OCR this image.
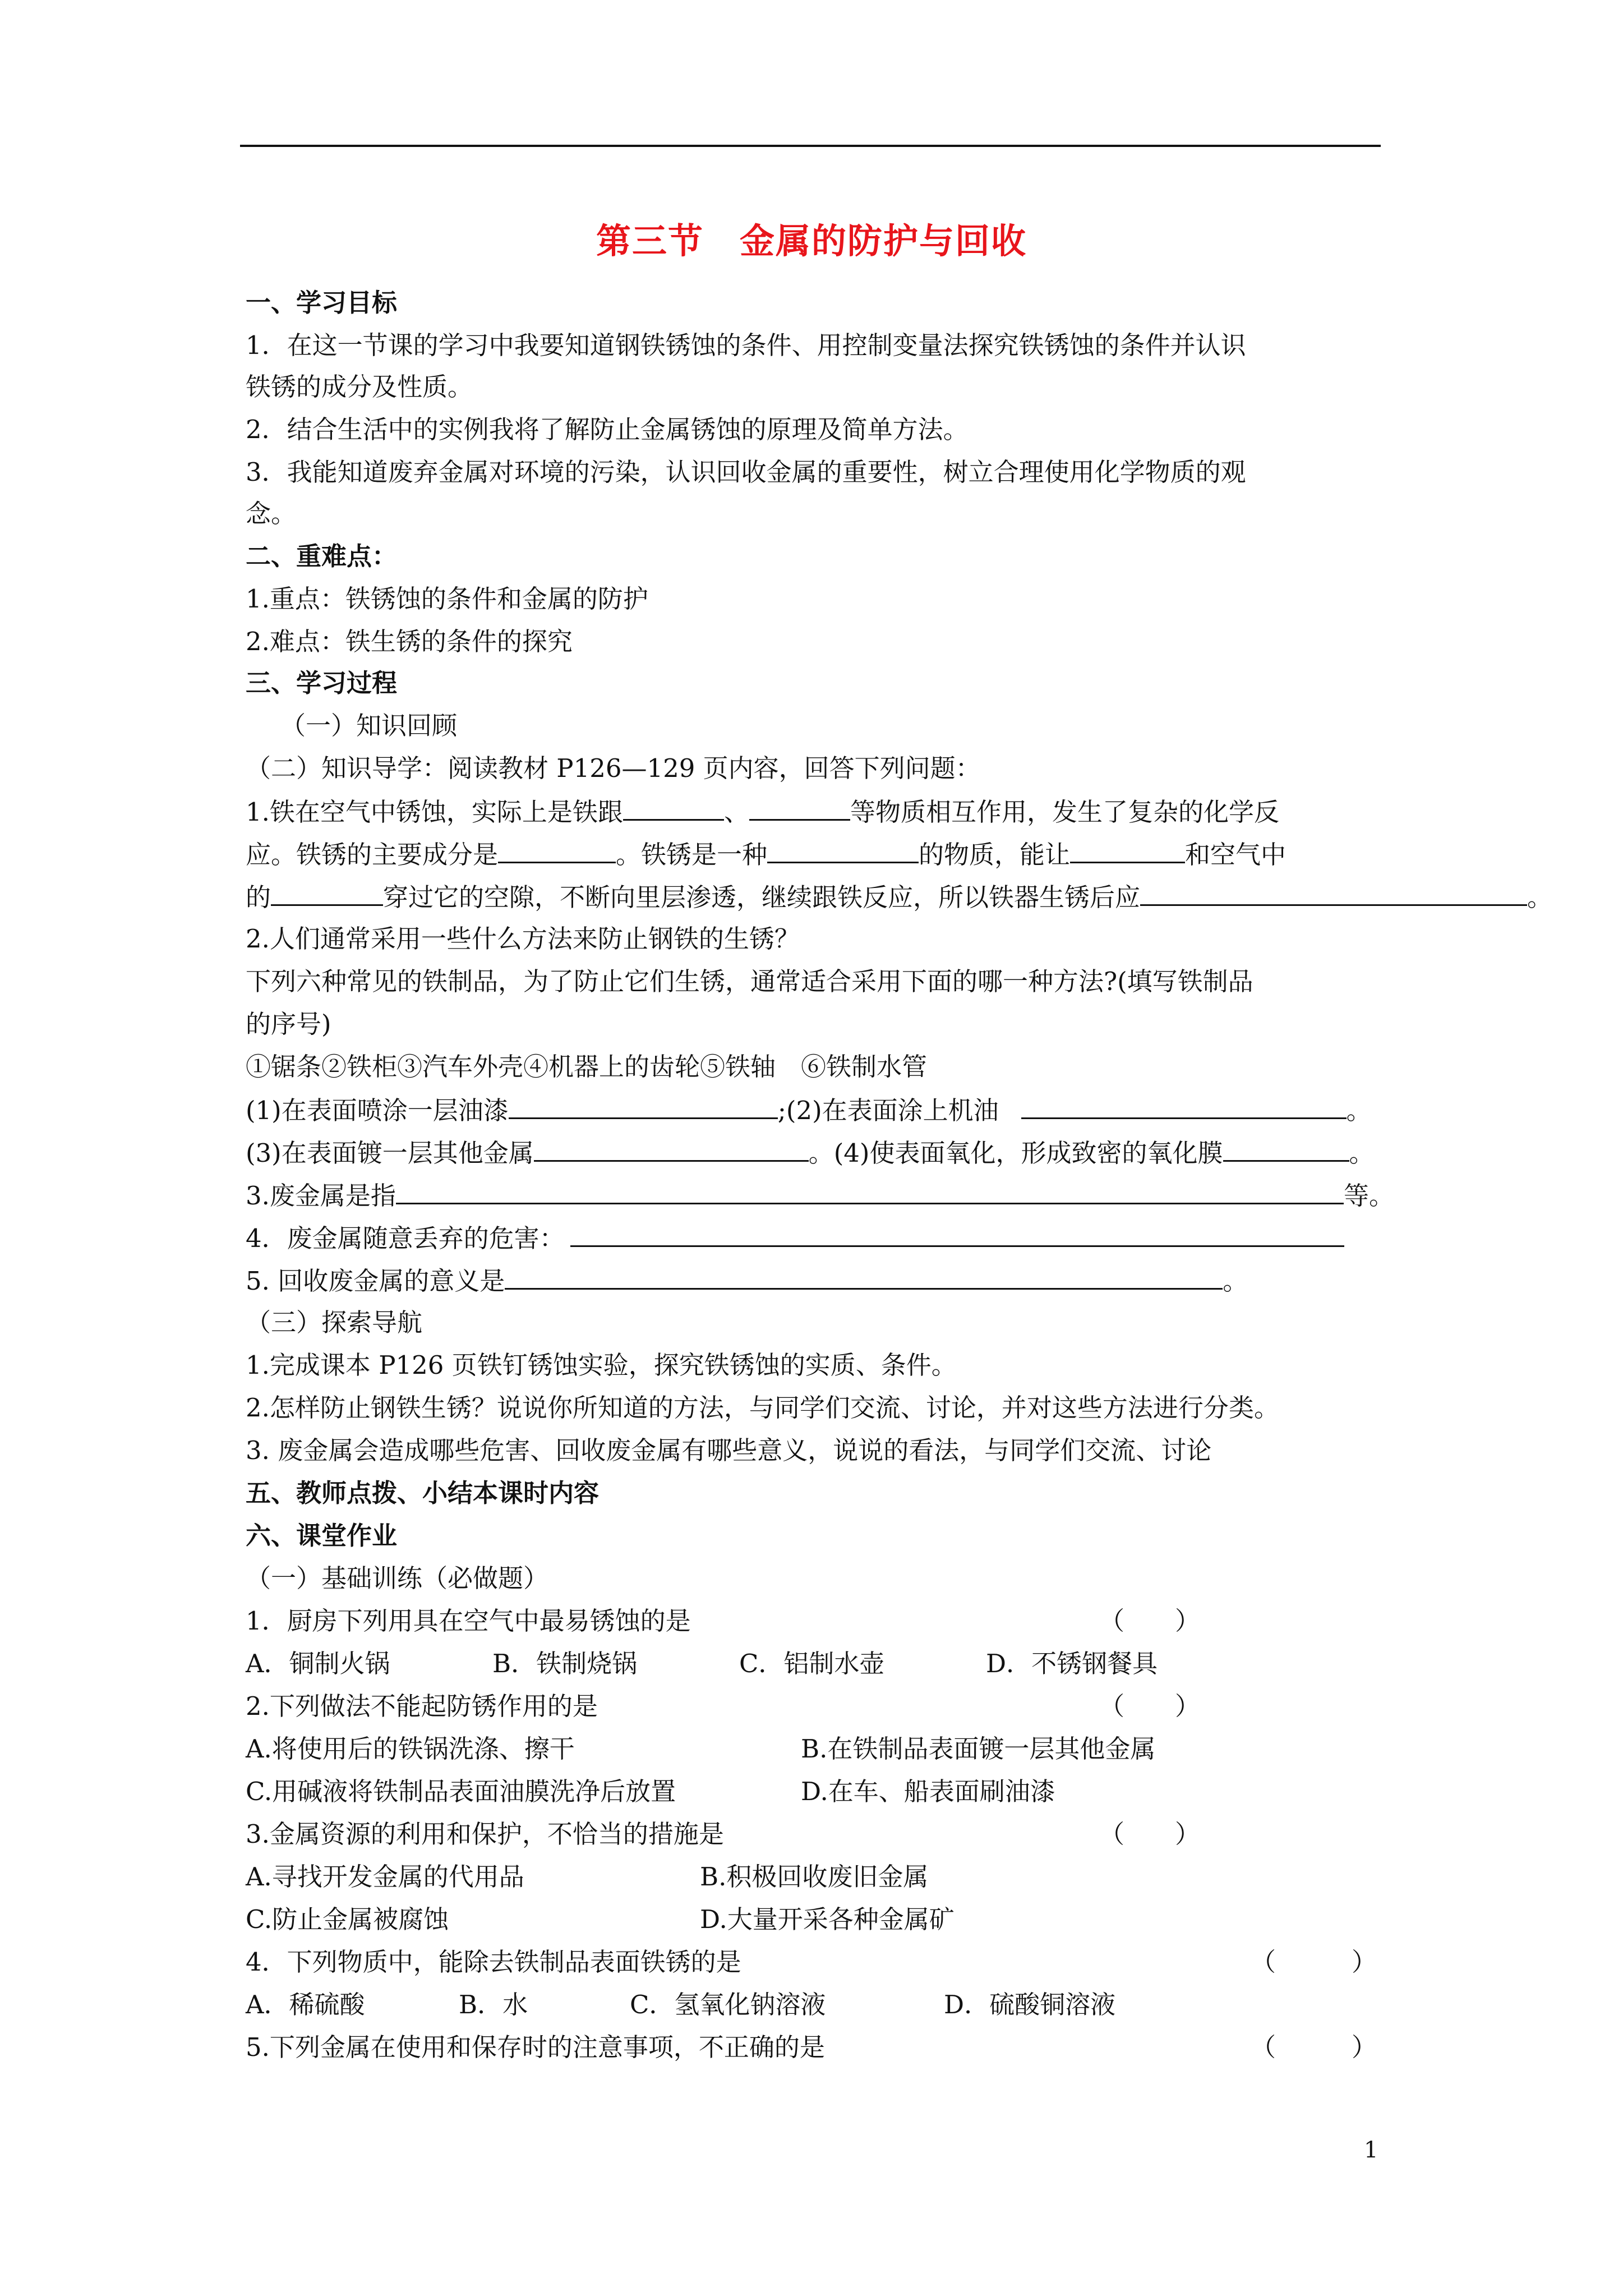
第三节　金属的防护与回收
一、学习目标
1．在这一节课的学习中我要知道钢铁锈蚀的条件、用控制变量法探究铁锈蚀的条件并认识
铁锈的成分及性质。
2．结合生活中的实例我将了解防止金属锈蚀的原理及简单方法。
3．我能知道废弃金属对环境的污染，认识回收金属的重要性，树立合理使用化学物质的观
念。
二、重难点：
1.重点：铁锈蚀的条件和金属的防护
2.难点：铁生锈的条件的探究
三、学习过程
（一）知识回顾
（二）知识导学：阅读教材 P126—129 页内容，回答下列问题：
1.铁在空气中锈蚀，实际上是铁跟	、	等物质相互作用，发生了复杂的化学反
应。铁锈的主要成分是	。铁锈是一种	的物质，能让	和空气中
的	穿过它的空隙，不断向里层渗透，继续跟铁反应，所以铁器生锈后应	。
2.人们通常采用一些什么方法来防止钢铁的生锈？
下列六种常见的铁制品，为了防止它们生锈，通常适合采用下面的哪一种方法?(填写铁制品
的序号)
①锯条②铁柜③汽车外壳④机器上的齿轮⑤铁轴　⑥铁制水管
(1)在表面喷涂一层油漆	;(2)在表面涂上机油	。
(3)在表面镀一层其他金属	。(4)使表面氧化，形成致密的氧化膜	。
3.废金属是指	等。
4．废金属随意丢弃的危害：
5. 回收废金属的意义是	。
（三）探索导航
1.完成课本 P126 页铁钉锈蚀实验，探究铁锈蚀的实质、条件。
2.怎样防止钢铁生锈？说说你所知道的方法，与同学们交流、讨论，并对这些方法进行分类。
3. 废金属会造成哪些危害、回收废金属有哪些意义，说说的看法，与同学们交流、讨论
五、教师点拨、小结本课时内容
六、课堂作业
（一）基础训练（必做题）
1．厨房下列用具在空气中最易锈蚀的是	（　　）
A．铜制火锅	B．铁制烧锅	C．铝制水壶	D．不锈钢餐具
2.下列做法不能起防锈作用的是	（　　）
A.将使用后的铁锅洗涤、擦干	B.在铁制品表面镀一层其他金属
C.用碱液将铁制品表面油膜洗净后放置	D.在车、船表面刷油漆
3.金属资源的利用和保护，不恰当的措施是	（　　）
A.寻找开发金属的代用品	B.积极回收废旧金属
C.防止金属被腐蚀	D.大量开采各种金属矿
4．下列物质中，能除去铁制品表面铁锈的是	（　　　）
A．稀硫酸	B．水	C．氢氧化钠溶液	D．硫酸铜溶液
5.下列金属在使用和保存时的注意事项，不正确的是	（　　　）
1
